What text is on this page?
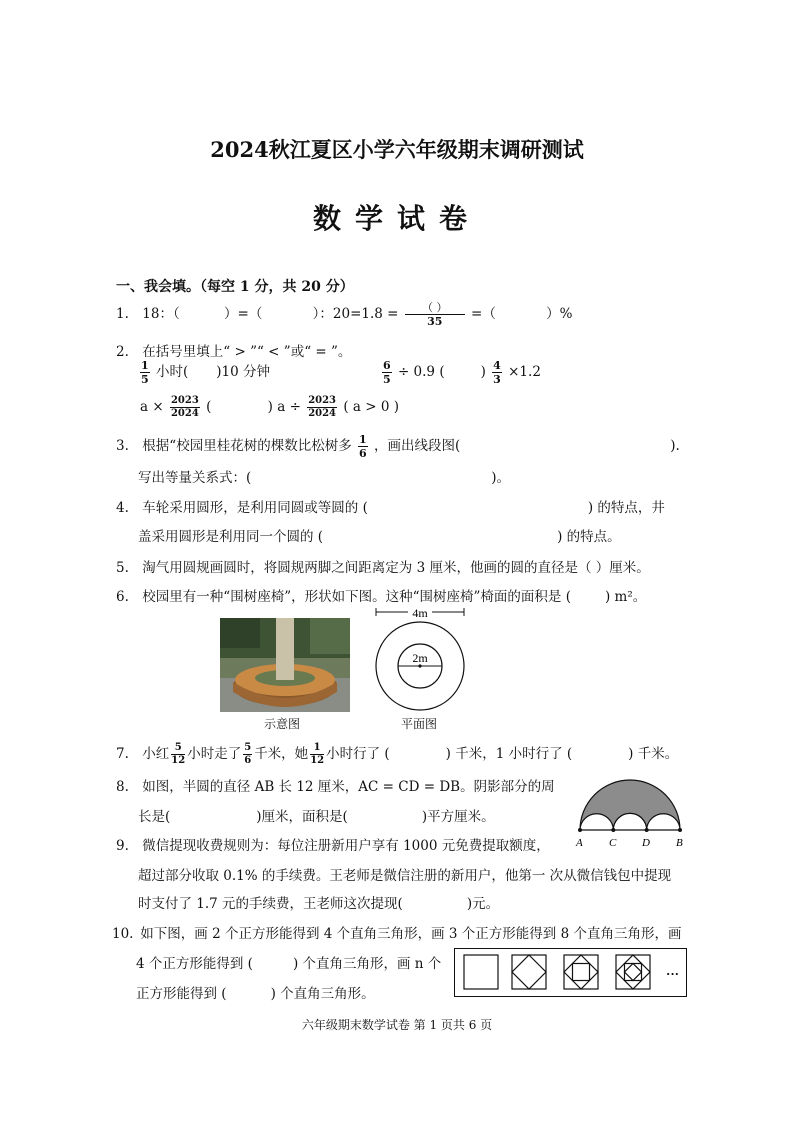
2024秋江夏区小学六年级期末调研测试
数学试卷
一、我会填。（每空 1 分，共 20 分）
1. 18：（	）=（	）：$20=1.8 = \frac{( )}{35}$ =（	）%
2. 在括号里填上“ > ”“ < ”或“ = ”。
$\frac{1}{5}$ 小时( )10 分钟	$\frac{6}{5} \div 0.9$ (	) $\frac{4}{3} \times 1.2$
$a \times \frac{2023}{2024}$ (	) $a \div \frac{2023}{2024}$ ( a > 0 )
3. 根据“校园里桂花树的棵数比松树多 $\frac{1}{6}$ ，画出线段图(	).
写出等量关系式：(	)。
4. 车轮采用圆形，是利用同圆或等圆的 (	) 的特点，井
盖采用圆形是利用同一个圆的 (	) 的特点。
5. 淘气用圆规画圆时，将圆规两脚之间距离定为 3 厘米，他画的圆的直径是（ ）厘米。
6. 校园里有一种“围树座椅”，形状如下图。这种“围树座椅”椅面的面积是 (	) m²。
示意图
4m
2m
平面图
7. 小红 $\frac{5}{12}$ 小时走了 $\frac{5}{6}$ 千米，她 $\frac{1}{12}$ 小时行了 (	) 千米，1 小时行了 (	) 千米。
8. 如图，半圆的直径 AB 长 12 厘米，AC = CD = DB。阴影部分的周
长是(	)厘米，面积是(	)平方厘米。
A C D B
9. 微信提现收费规则为：每位注册新用户享有 1000 元免费提取额度，
超过部分收取 0.1% 的手续费。王老师是微信注册的新用户，他第一 次从微信钱包中提现
时支付了 1.7 元的手续费，王老师这次提现(	)元。
10. 如下图，画 2 个正方形能得到 4 个直角三角形，画 3 个正方形能得到 8 个直角三角形，画
4 个正方形能得到 (	) 个直角三角形，画 n 个
正方形能得到 (	) 个直角三角形。
···
六年级期末数学试卷 第 1 页共 6 页
